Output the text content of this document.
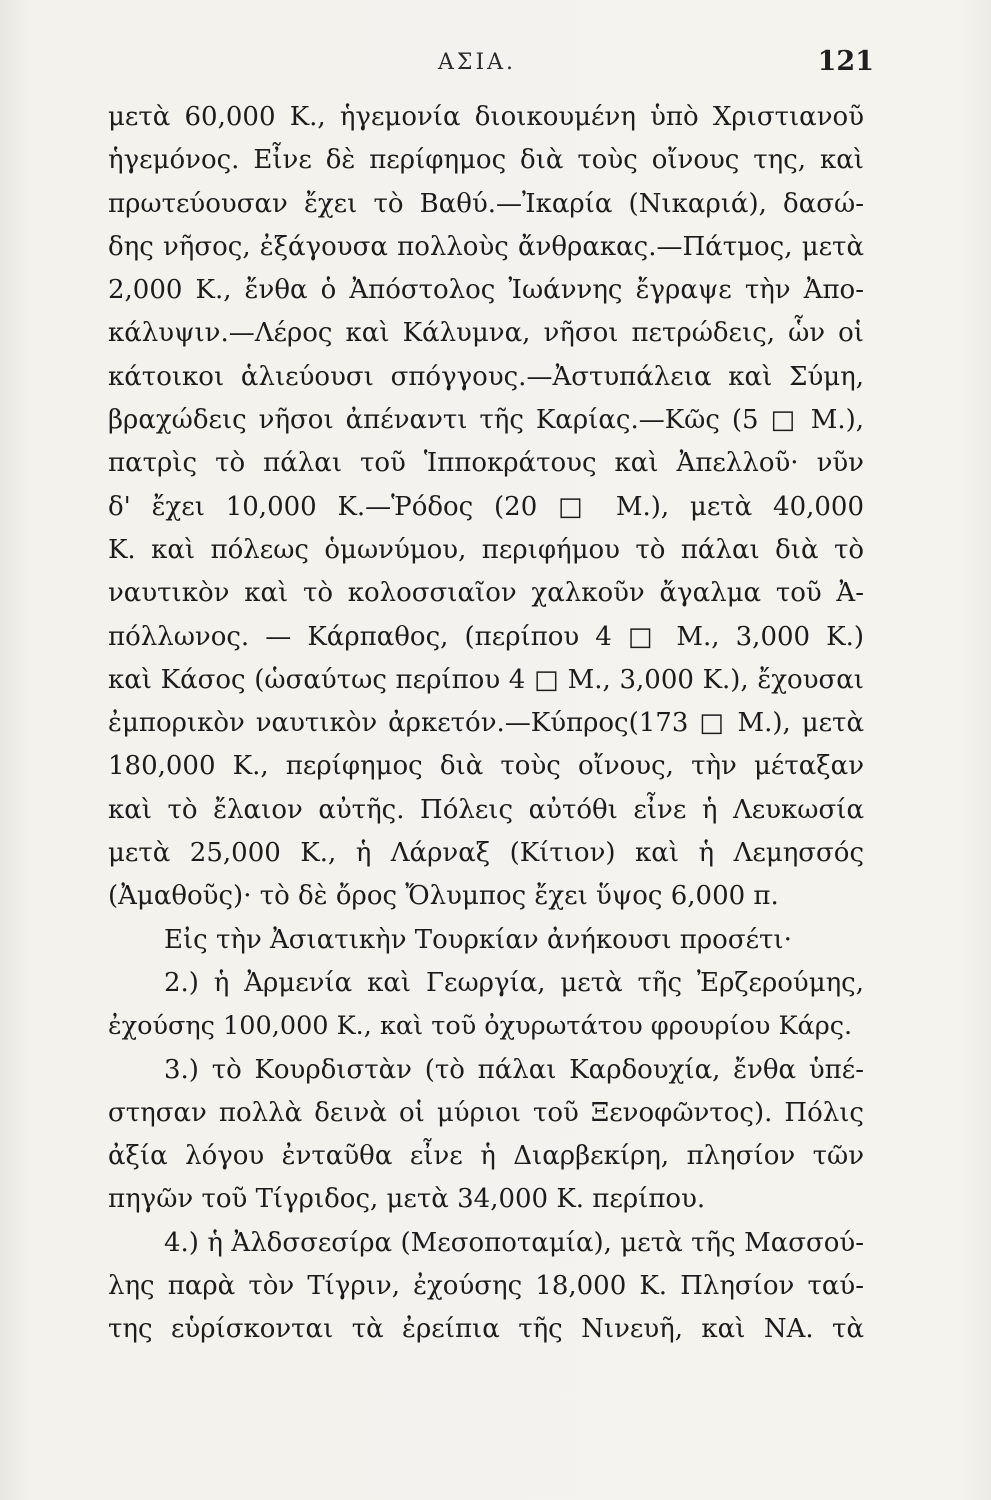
ΑΣΙΑ.	121
μετὰ 60,000 Κ., ἡγεμονία διοικουμένη ὑπὸ Χριστιανοῦ
ἡγεμόνος. Εἶνε δὲ περίφημος διὰ τοὺς οἴνους της, καὶ
πρωτεύουσαν ἔχει τὸ Βαθύ.—Ἰκαρία (Νικαριά), δασώ-
δης νῆσος, ἐξάγουσα πολλοὺς ἄνθρακας.—Πάτμος, μετὰ
2,000 Κ., ἔνθα ὁ Ἀπόστολος Ἰωάννης ἔγραψε τὴν Ἀπο-
κάλυψιν.—Λέρος καὶ Κάλυμνα, νῆσοι πετρώδεις, ὧν οἱ
κάτοικοι ἁλιεύουσι σπόγγους.—Ἀστυπάλεια καὶ Σύμη,
βραχώδεις νῆσοι ἀπέναντι τῆς Καρίας.—Κῶς (5 □ Μ.),
πατρὶς τὸ πάλαι τοῦ Ἱπποκράτους καὶ Ἀπελλοῦ· νῦν
δ' ἔχει 10,000 Κ.—Ῥόδος (20 □ Μ.), μετὰ 40,000
Κ. καὶ πόλεως ὁμωνύμου, περιφήμου τὸ πάλαι διὰ τὸ
ναυτικὸν καὶ τὸ κολοσσιαῖον χαλκοῦν ἄγαλμα τοῦ Ἀ-
πόλλωνος. — Κάρπαθος, (περίπου 4 □ Μ., 3,000 Κ.)
καὶ Κάσος (ὡσαύτως περίπου 4 □ Μ., 3,000 Κ.), ἔχουσαι
ἐμπορικὸν ναυτικὸν ἀρκετόν.—Κύπρος(173 □ Μ.), μετὰ
180,000 Κ., περίφημος διὰ τοὺς οἴνους, τὴν μέταξαν
καὶ τὸ ἔλαιον αὐτῆς. Πόλεις αὐτόθι εἶνε ἡ Λευκωσία
μετὰ 25,000 Κ., ἡ Λάρναξ (Κίτιον) καὶ ἡ Λεμησσός
(Ἀμαθοῦς)· τὸ δὲ ὄρος Ὄλυμπος ἔχει ὕψος 6,000 π.
Εἰς τὴν Ἀσιατικὴν Τουρκίαν ἀνήκουσι προσέτι·
2.) ἡ Ἀρμενία καὶ Γεωργία, μετὰ τῆς Ἐρζερούμης,
ἐχούσης 100,000 Κ., καὶ τοῦ ὀχυρωτάτου φρουρίου Κάρς.
3.) τὸ Κουρδιστὰν (τὸ πάλαι Καρδουχία, ἔνθα ὑπέ-
στησαν πολλὰ δεινὰ οἱ μύριοι τοῦ Ξενοφῶντος). Πόλις
ἀξία λόγου ἐνταῦθα εἶνε ἡ Διαρβεκίρη, πλησίον τῶν
πηγῶν τοῦ Τίγριδος, μετὰ 34,000 Κ. περίπου.
4.) ἡ Ἀλδσσεσίρα (Μεσοποταμία), μετὰ τῆς Μασσού-
λης παρὰ τὸν Τίγριν, ἐχούσης 18,000 Κ. Πλησίον ταύ-
της εὑρίσκονται τὰ ἐρείπια τῆς Νινευῆ, καὶ ΝΑ. τὰ
